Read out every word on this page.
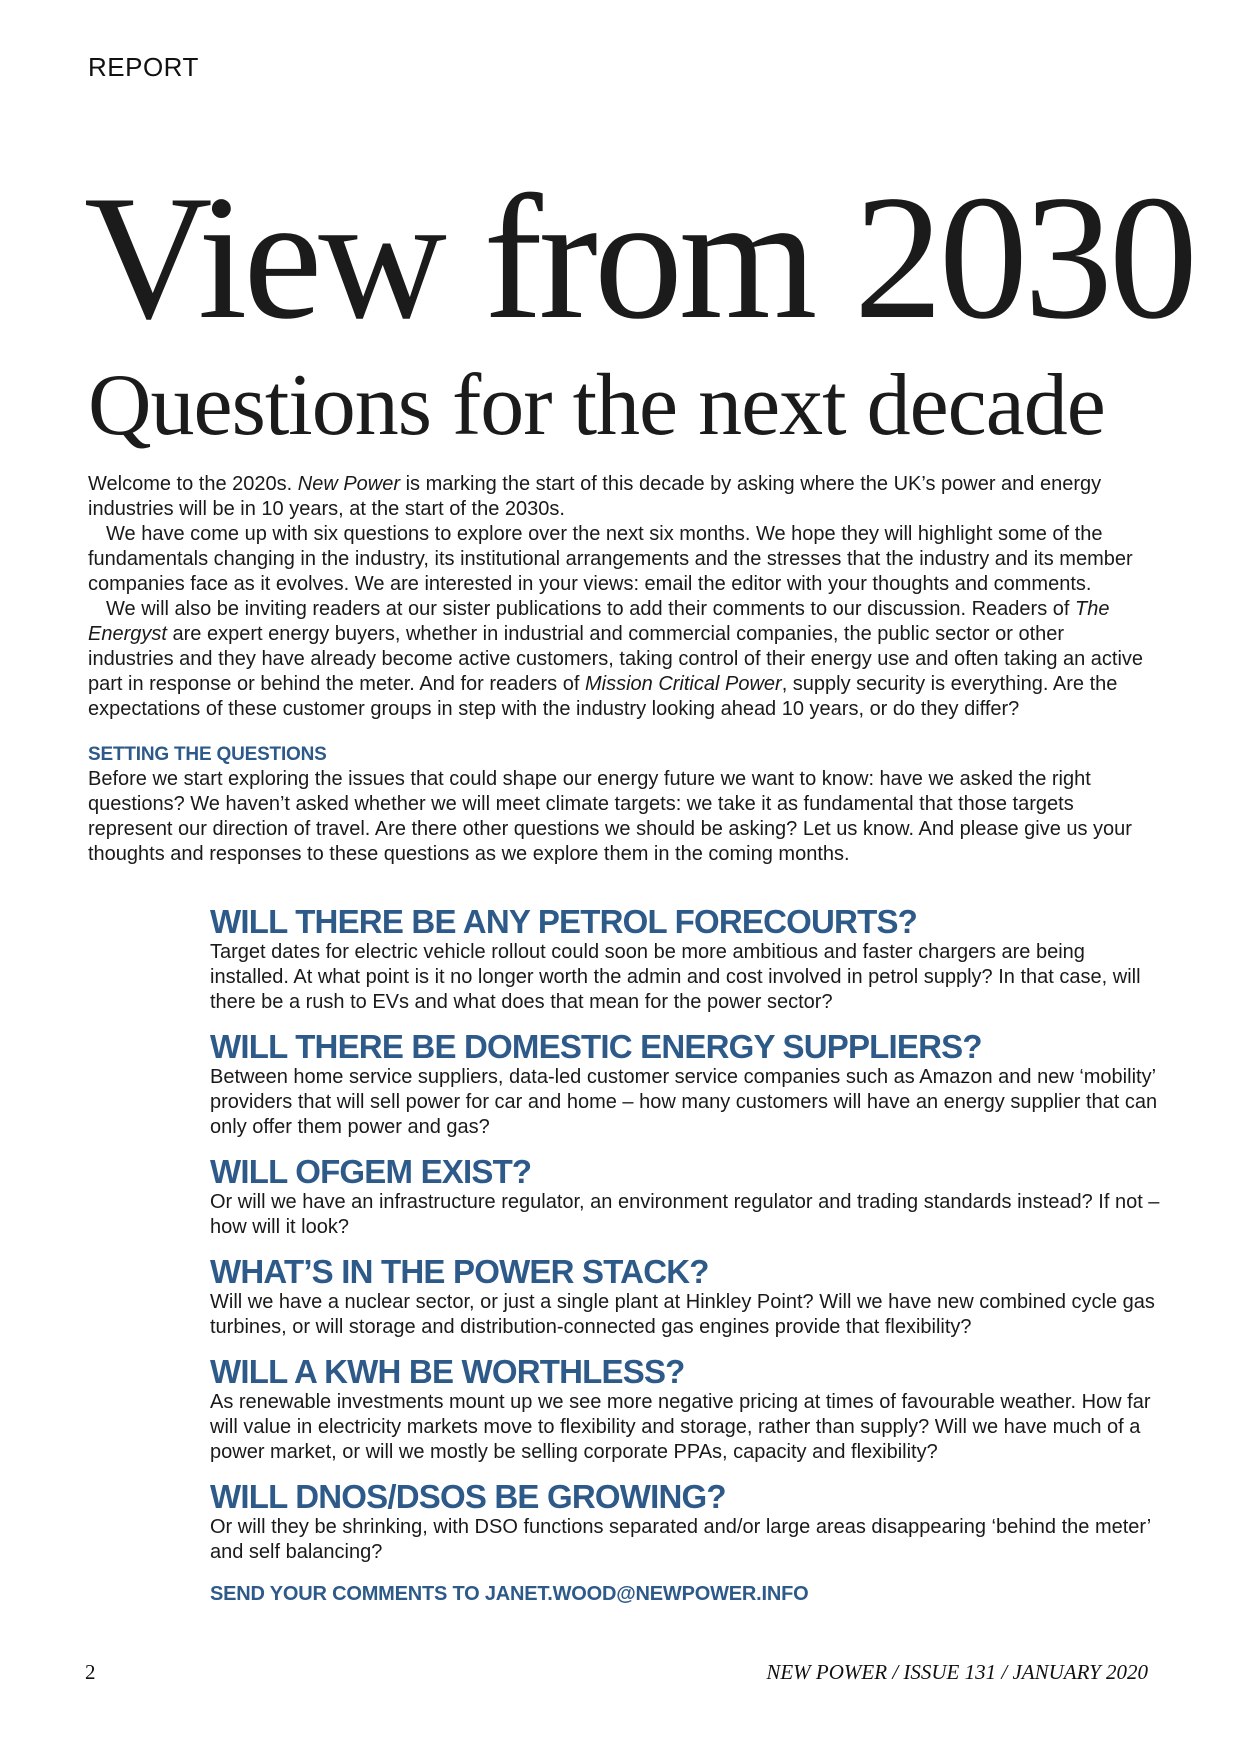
REPORT
View from 2030
Questions for the next decade

Welcome to the 2020s. New Power is marking the start of this decade by asking where the UK’s power and energy industries will be in 10 years, at the start of the 2030s.

We have come up with six questions to explore over the next six months. We hope they will highlight some of the fundamentals changing in the industry, its institutional arrangements and the stresses that the industry and its member companies face as it evolves. We are interested in your views: email the editor with your thoughts and comments.

We will also be inviting readers at our sister publications to add their comments to our discussion. Readers of The Energyst are expert energy buyers, whether in industrial and commercial companies, the public sector or other industries and they have already become active customers, taking control of their energy use and often taking an active part in response or behind the meter. And for readers of Mission Critical Power, supply security is everything. Are the expectations of these customer groups in step with the industry looking ahead 10 years, or do they differ?

SETTING THE QUESTIONS

Before we start exploring the issues that could shape our energy future we want to know: have we asked the right questions? We haven’t asked whether we will meet climate targets: we take it as fundamental that those targets represent our direction of travel. Are there other questions we should be asking? Let us know. And please give us your thoughts and responses to these questions as we explore them in the coming months.

WILL THERE BE ANY PETROL FORECOURTS?

Target dates for electric vehicle rollout could soon be more ambitious and faster chargers are being installed. At what point is it no longer worth the admin and cost involved in petrol supply? In that case, will there be a rush to EVs and what does that mean for the power sector?

WILL THERE BE DOMESTIC ENERGY SUPPLIERS?

Between home service suppliers, data-led customer service companies such as Amazon and new ‘mobility’ providers that will sell power for car and home – how many customers will have an energy supplier that can only offer them power and gas?

WILL OFGEM EXIST?

Or will we have an infrastructure regulator, an environment regulator and trading standards instead? If not – how will it look?

WHAT’S IN THE POWER STACK?

Will we have a nuclear sector, or just a single plant at Hinkley Point? Will we have new combined cycle gas turbines, or will storage and distribution-connected gas engines provide that flexibility?

WILL A KWH BE WORTHLESS?

As renewable investments mount up we see more negative pricing at times of favourable weather. How far will value in electricity markets move to flexibility and storage, rather than supply? Will we have much of a power market, or will we mostly be selling corporate PPAs, capacity and flexibility?

WILL DNOS/DSOS BE GROWING?

Or will they be shrinking, with DSO functions separated and/or large areas disappearing ‘behind the meter’ and self balancing?

SEND YOUR COMMENTS TO JANET.WOOD@NEWPOWER.INFO
2	NEW POWER / ISSUE 131 / JANUARY 2020
